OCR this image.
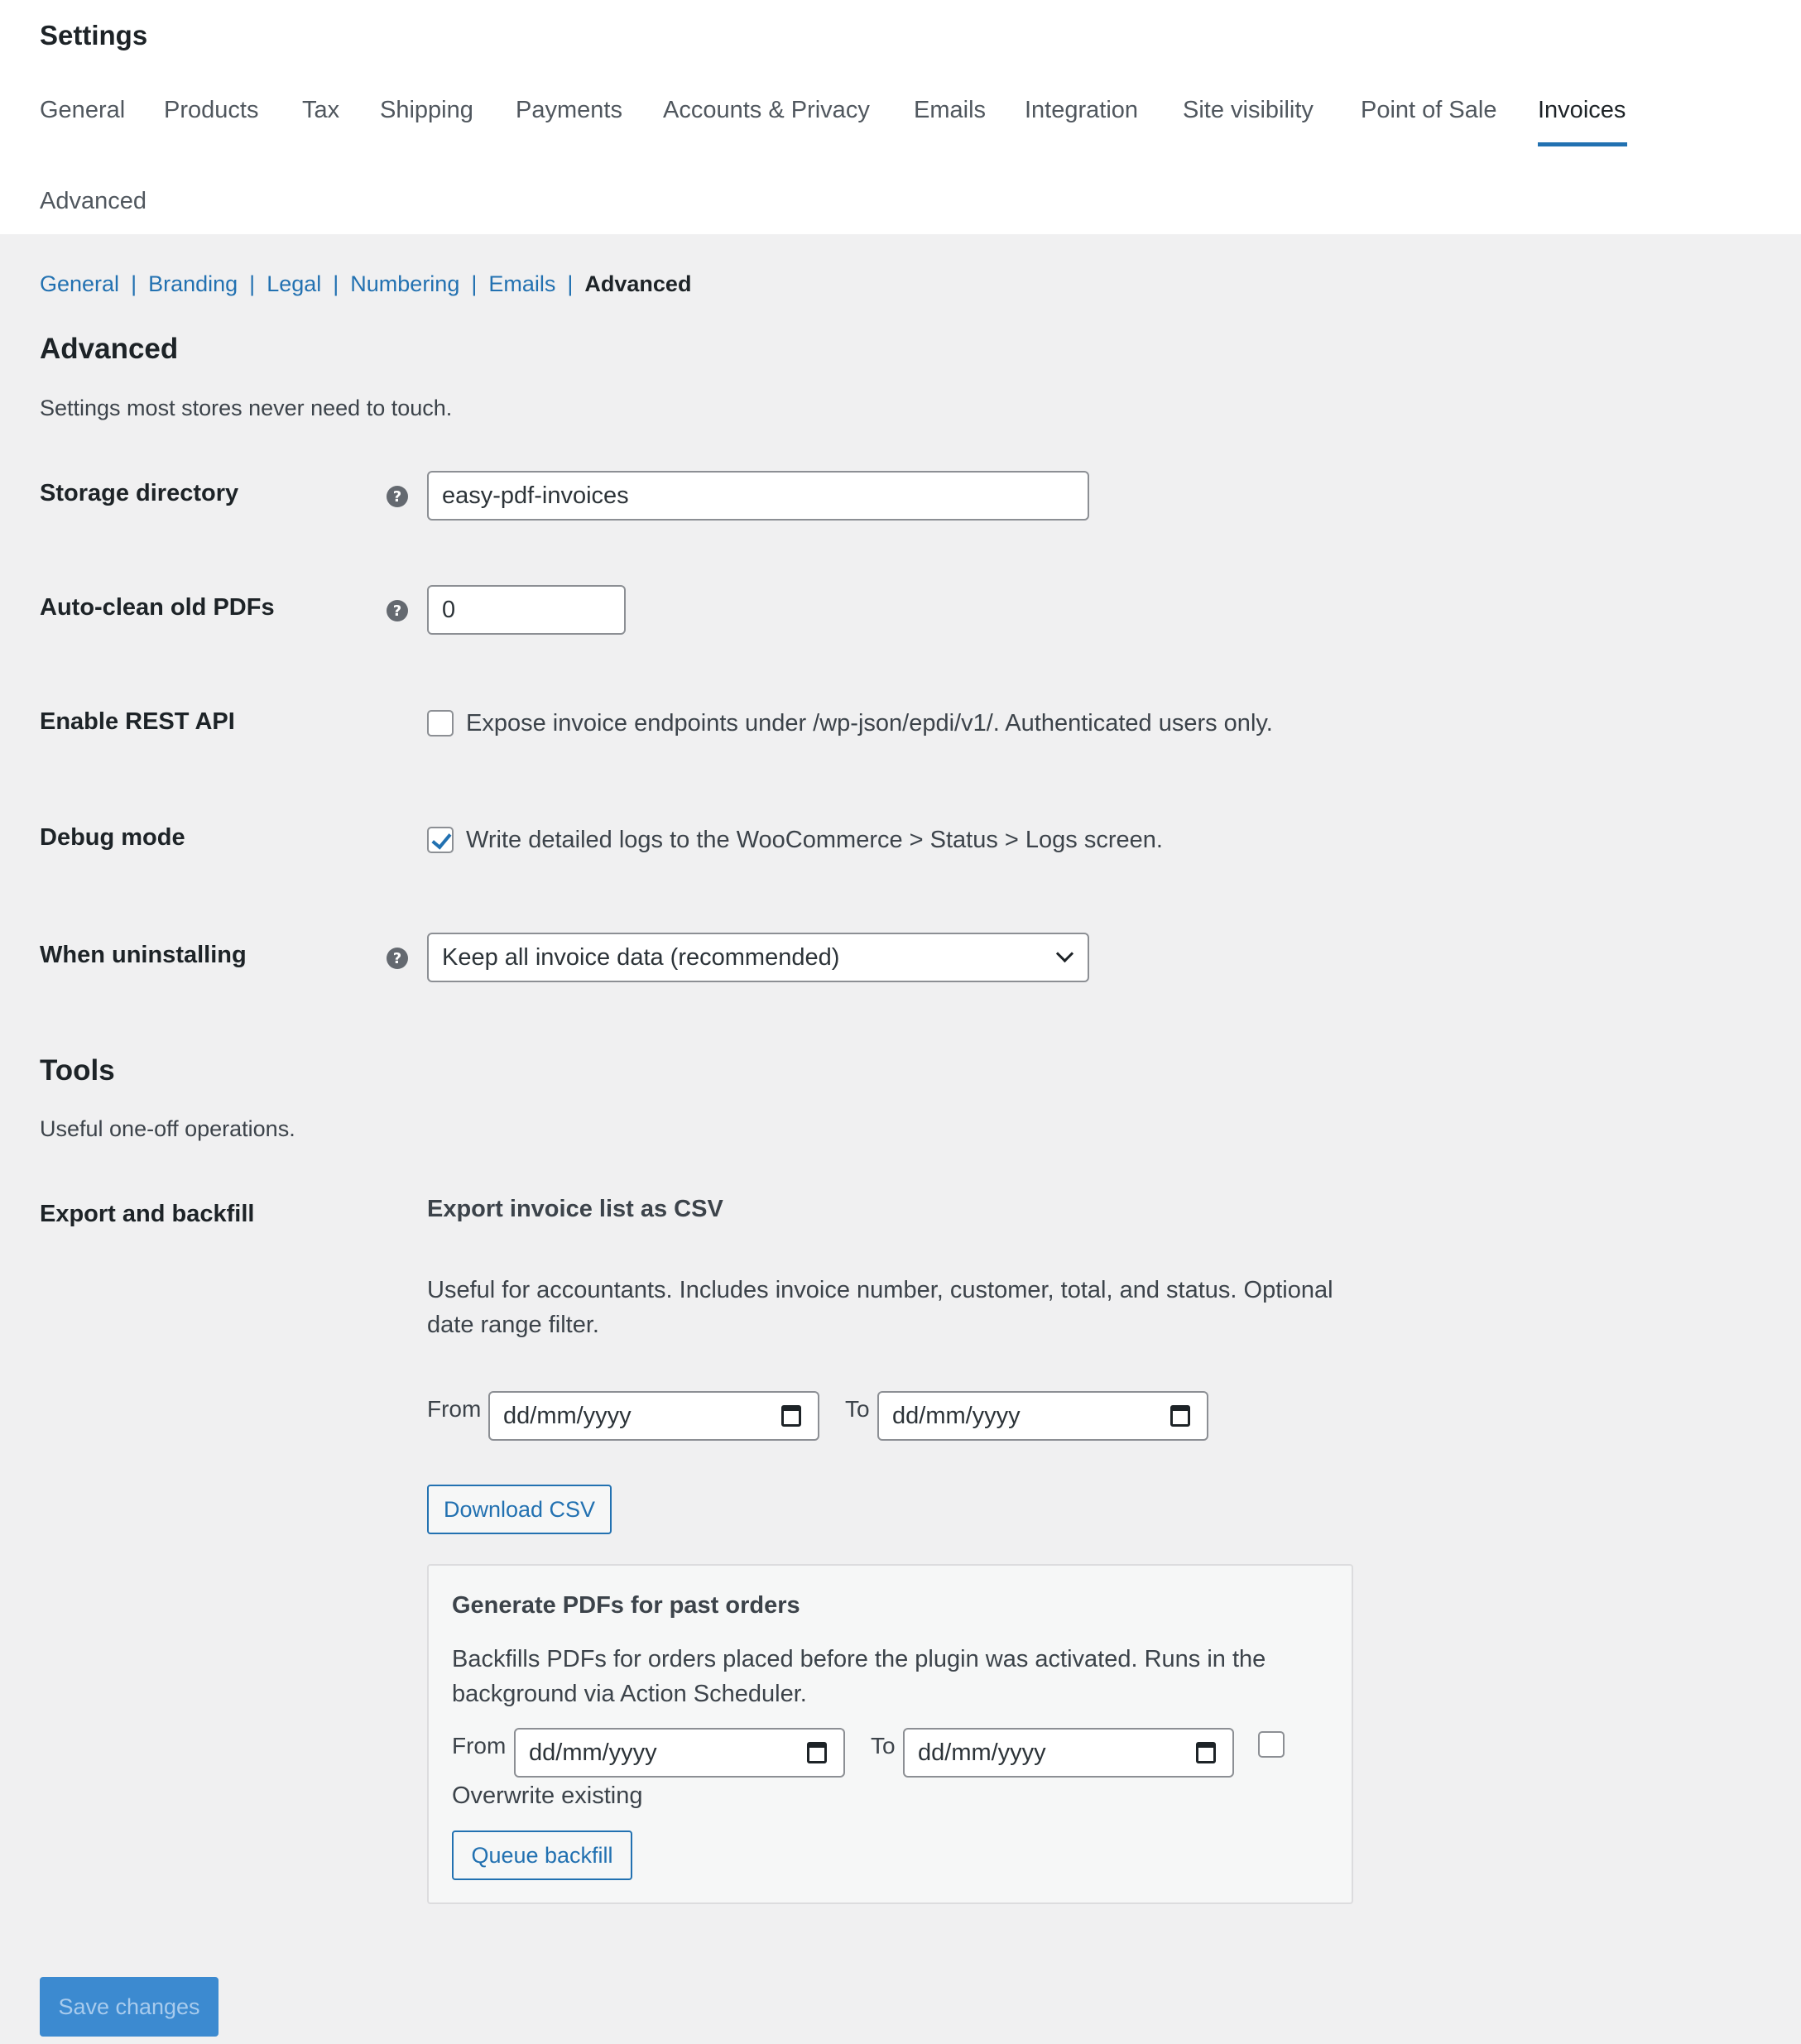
Settings
General Products Tax Shipping Payments Accounts & Privacy Emails Integration Site visibility Point of Sale Invoices
Advanced
General | Branding | Legal | Numbering | Emails | Advanced
Advanced
Settings most stores never need to touch.
Storage directory	?	easy-pdf-invoices
Auto-clean old PDFs	?	0
Enable REST API	Expose invoice endpoints under /wp-json/epdi/v1/. Authenticated users only.
Debug mode	Write detailed logs to the WooCommerce > Status > Logs screen.
When uninstalling	? Keep all invoice data (recommended)
Tools
Useful one-off operations.
Export and backfill	Export invoice list as CSV
Useful for accountants. Includes invoice number, customer, total, and status. Optional date range filter.
From dd/mm/yyyy	To dd/mm/yyyy
Download CSV
Generate PDFs for past orders
Backfills PDFs for orders placed before the plugin was activated. Runs in the background via Action Scheduler.
From dd/mm/yyyy	To dd/mm/yyyy
Overwrite existing
Queue backfill
Save changes
